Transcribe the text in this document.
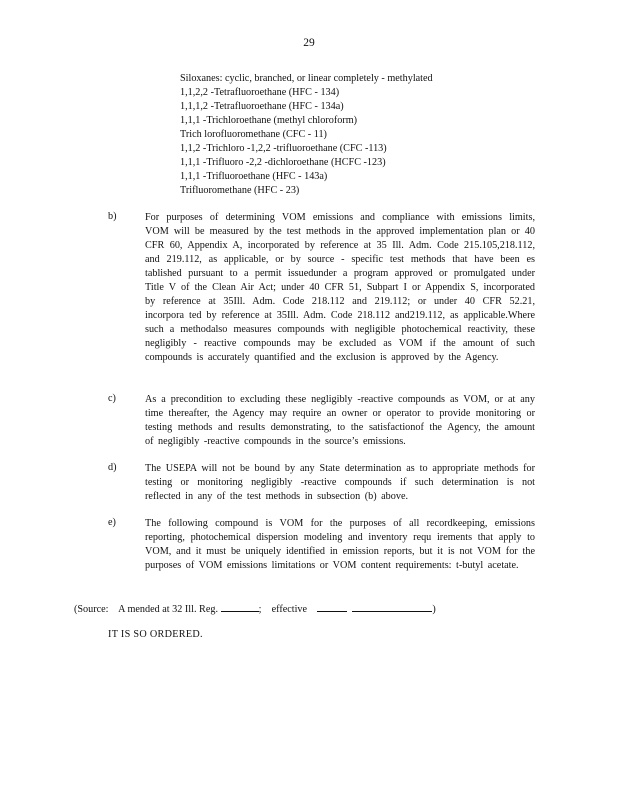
29
Siloxanes: cyclic, branched, or linear completely - methylated
1,1,2,2 -Tetrafluoroethane (HFC - 134)
1,1,1,2 -Tetrafluoroethane (HFC - 134a)
1,1,1 -Trichloroethane (methyl chloroform)
Trich lorofluoromethane (CFC - 11)
1,1,2 -Trichloro -1,2,2 -trifluoroethane (CFC -113)
1,1,1 -Trifluoro -2,2 -dichloroethane (HCFC -123)
1,1,1 -Trifluoroethane (HFC - 143a)
Trifluoromethane (HFC - 23)
b)	For purposes of determining VOM emissions and compliance with emissions limits, VOM will be measured by the test methods in the approved implementation plan or 40 CFR 60, Appendix A, incorporated by reference at 35 Ill. Adm. Code 215.105,218.112, and 219.112, as applicable, or by source - specific test methods that have been es tablished pursuant to a permit issuedunder a program approved or promulgated under Title V of the Clean Air Act; under 40 CFR 51, Subpart I or Appendix S, incorporated by reference at 35Ill. Adm. Code 218.112 and 219.112; or under 40 CFR 52.21, incorpora ted by reference at 35Ill. Adm. Code 218.112 and219.112, as applicable.Where such a methodalso measures compounds with negligible photochemical reactivity, these negligibly - reactive compounds may be excluded as VOM if the amount of such compounds is accurately quantified and the exclusion is approved by the Agency.
c)	As a precondition to excluding these negligibly -reactive compounds as VOM, or at any time thereafter, the Agency may require an owner or operator to provide monitoring or testing methods and results demonstrating, to the satisfactionof the Agency, the amount of negligibly -reactive compounds in the source’s emissions.
d)	The USEPA will not be bound by any State determination as to appropriate methods for testing or monitoring negligibly -reactive compounds if such determination is not reflected in any of the test methods in subsection (b) above.
e)	The following compound is VOM for the purposes of all recordkeeping, emissions reporting, photochemical dispersion modeling and inventory requ irements that apply to VOM, and it must be uniquely identified in emission reports, but it is not VOM for the purposes of VOM emissions limitations or VOM content requirements: t-butyl acetate.
(Source: A mended at 32 Ill. Reg.	; effective	)
IT IS SO ORDERED.
